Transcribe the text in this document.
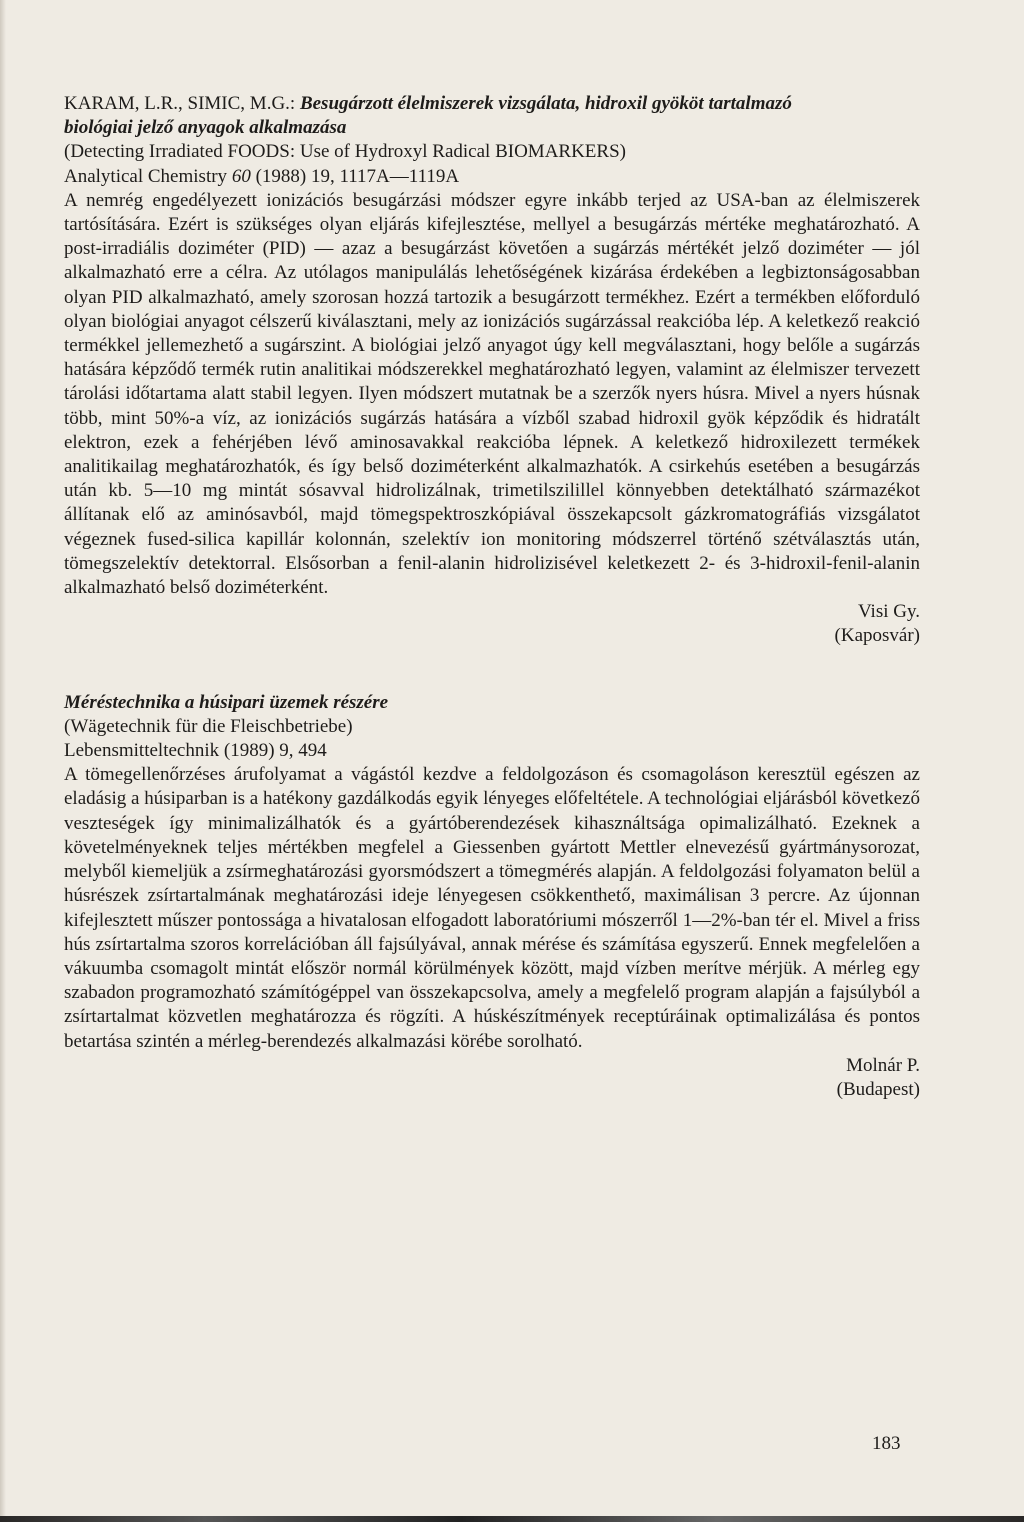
KARAM, L.R., SIMIC, M.G.: Besugárzott élelmiszerek vizsgálata, hidroxil gyököt tartalmazó
biológiai jelző anyagok alkalmazása
(Detecting Irradiated FOODS: Use of Hydroxyl Radical BIOMARKERS)
Analytical Chemistry 60 (1988) 19, 1117A—1119A

A nemrég engedélyezett ionizációs besugárzási módszer egyre inkább terjed az USA-ban az élelmiszerek tartósítására. Ezért is szükséges olyan eljárás kifejlesztése, mellyel a besugárzás mértéke meghatározható. A post-irradiális doziméter (PID) — azaz a besugárzást követően a sugárzás mértékét jelző doziméter — jól alkalmazható erre a célra. Az utólagos manipulálás lehetőségének kizárása érdekében a legbiztonságosabban olyan PID alkalmazható, amely szorosan hozzá tartozik a besugárzott termékhez. Ezért a termékben előforduló olyan biológiai anyagot célszerű kiválasztani, mely az ionizációs sugárzással reakcióba lép. A keletkező reakció termékkel jellemezhető a sugárszint. A biológiai jelző anyagot úgy kell megválasztani, hogy belőle a sugárzás hatására képződő termék rutin analitikai módszerekkel meghatározható legyen, valamint az élelmiszer tervezett tárolási időtartama alatt stabil legyen. Ilyen módszert mutatnak be a szerzők nyers húsra. Mivel a nyers húsnak több, mint 50%-a víz, az ionizációs sugárzás hatására a vízből szabad hidroxil gyök képződik és hidratált elektron, ezek a fehérjében lévő aminosavakkal reakcióba lépnek. A keletkező hidroxilezett termékek analitikailag meghatározhatók, és így belső doziméterként alkalmazhatók. A csirkehús esetében a besugárzás után kb. 5—10 mg mintát sósavval hidrolizálnak, trimetilszilillel könnyebben detektálható származékot állítanak elő az aminósavból, majd tömegspektroszkópiával összekapcsolt gázkromatográfiás vizsgálatot végeznek fused-silica kapillár kolonnán, szelektív ion monitoring módszerrel történő szétválasztás után, tömegszelektív detektorral. Elsősorban a fenil-alanin hidrolizisével keletkezett 2- és 3-hidroxil-fenil-alanin alkalmazható belső doziméterként.

Visi Gy.

(Kaposvár)

Méréstechnika a húsipari üzemek részére

(Wägetechnik für die Fleischbetriebe)

Lebensmitteltechnik (1989) 9, 494

A tömegellenőrzéses árufolyamat a vágástól kezdve a feldolgozáson és csomagoláson keresztül egészen az eladásig a húsiparban is a hatékony gazdálkodás egyik lényeges előfeltétele. A technológiai eljárásból következő veszteségek így minimalizálhatók és a gyártóberendezések kihasználtsága opimalizálható. Ezeknek a követelményeknek teljes mértékben megfelel a Giessenben gyártott Mettler elnevezésű gyártmánysorozat, melyből kiemeljük a zsírmeghatározási gyorsmódszert a tömegmérés alapján. A feldolgozási folyamaton belül a húsrészek zsírtartalmának meghatározási ideje lényegesen csökkenthető, maximálisan 3 percre. Az újonnan kifejlesztett műszer pontossága a hivatalosan elfogadott laboratóriumi mószerről 1—2%-ban tér el. Mivel a friss hús zsírtartalma szoros korrelációban áll fajsúlyával, annak mérése és számítása egyszerű. Ennek megfelelően a vákuumba csomagolt mintát először normál körülmények között, majd vízben merítve mérjük. A mérleg egy szabadon programozható számítógéppel van összekapcsolva, amely a megfelelő program alapján a fajsúlyból a zsírtartalmat közvetlen meghatározza és rögzíti. A húskészítmények receptúráinak optimalizálása és pontos betartása szintén a mérleg-berendezés alkalmazási körébe sorolható.

Molnár P.

(Budapest)

183
